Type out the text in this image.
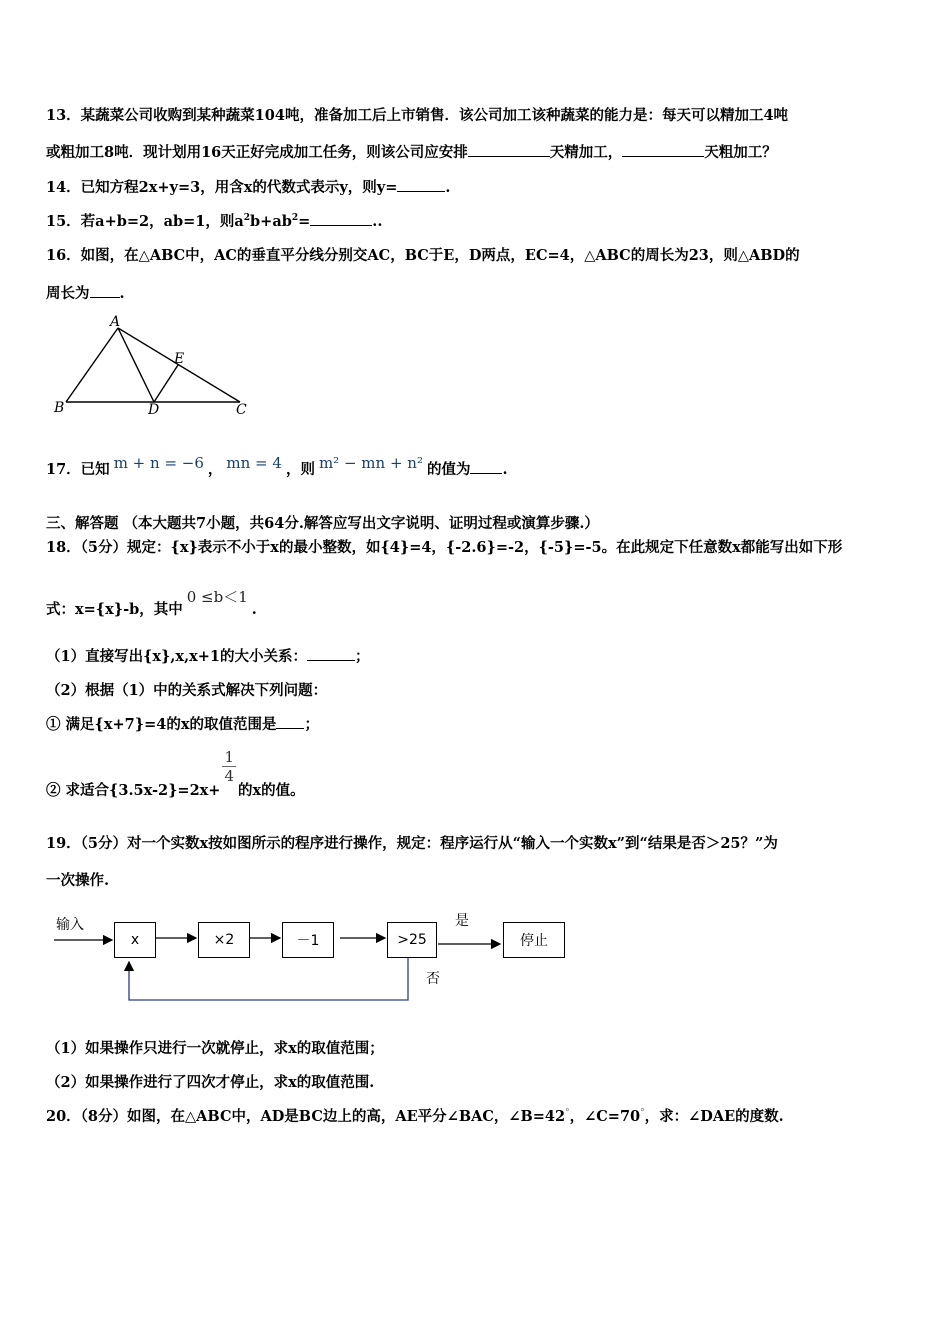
13．某蔬菜公司收购到某种蔬菜104吨，准备加工后上市销售．该公司加工该种蔬菜的能力是：每天可以精加工4吨
或粗加工8吨．现计划用16天正好完成加工任务，则该公司应安排	天精加工，	天粗加工？
14．已知方程2x+y=3，用含x的代数式表示y，则y=	.
15．若a+b=2，ab=1，则$a^2b+ab^2=$	..
16．如图，在△ABC中，AC的垂直平分线分别交AC，BC于E，D两点，EC=4，△ABC的周长为23，则△ABD的
周长为 .
A
B	C
D
E
17．已知 m + n = −6 ， mn = 4 ，则 m² − mn + n² 的值为 .
三、解答题 （本大题共7小题，共64分.解答应写出文字说明、证明过程或演算步骤.）
18．（5分）规定：{x}表示不小于x的最小整数，如{4}=4，{-2.6}=-2，{-5}=-5。在此规定下任意数x都能写出如下形
式：x={x}-b，其中0 ≤b＜1.
（1）直接写出{x},x,x+1的大小关系：	；
（2）根据（1）中的关系式解决下列问题：
① 满足{x+7}=4的x的取值范围是 ；
② 求适合{3.5x-2}=2x+
$\frac{1}{4}$
的x的值。
19．（5分）对一个实数x按如图所示的程序进行操作，规定：程序运行从“输入一个实数x”到“结果是否＞25？”为
一次操作.
输入
x	×2	－1	>25	停止
是
否
（1）如果操作只进行一次就停止，求x的取值范围；
（2）如果操作进行了四次才停止，求x的取值范围.
20．（8分）如图，在△ABC中，AD是BC边上的高，AE平分∠BAC，∠B=42°，∠C=70°，求：∠DAE的度数.
